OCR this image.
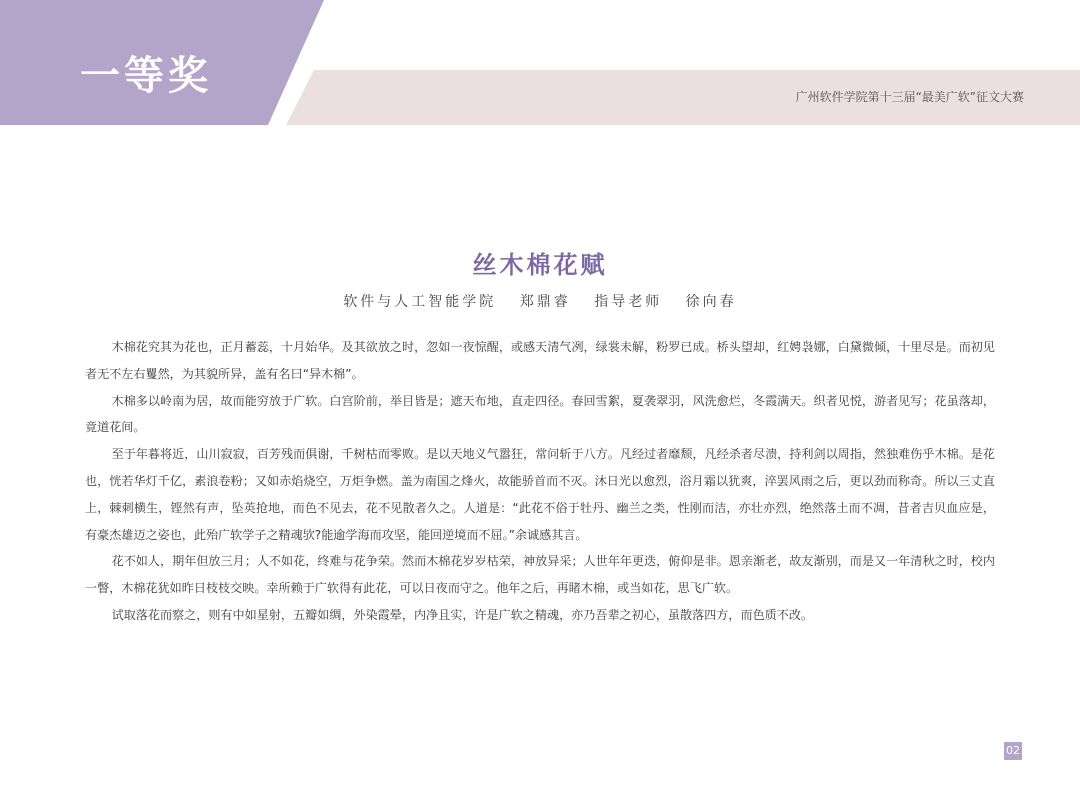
一等奖	广州软件学院第十三届“最美广软”征文大赛
丝木棉花赋
软件与人工智能学院 郑鼎睿 指导老师 徐向春

木棉花究其为花也，正月蓄蕊，十月始华。及其欲放之时，忽如一夜惊醒，或感天清气冽，绿裳未解，粉罗已成。桥头望却，红娉袅娜，白黛微倾，十里尽是。而初见者无不左右矍然，为其貌所异，盖有名曰“异木棉”。

木棉多以岭南为居，故而能穷放于广软。白宫阶前，举目皆是；遮天布地，直走四径。春回雪絮，夏袭翠羽，风洗愈烂，冬霞满天。织者见悦，游者见写；花虽落却，竟道花间。

至于年暮将近，山川寂寂，百芳残而俱谢，千树枯而零败。是以天地义气嚣狂，常问斩于八方。凡经过者靡颓，凡经杀者尽溃，持利剑以周指，然独难伤乎木棉。是花也，恍若华灯千亿，素浪卷粉；又如赤焰烧空，万炬争燃。盖为南国之烽火，故能骄首而不灭。沐日光以愈烈，浴月霜以犹爽，淬罢风雨之后，更以劲而称奇。所以三丈直上，棘刺横生，铿然有声，坠英抢地，而色不见去，花不见散者久之。人道是：“此花不俗于牡丹、幽兰之类，性刚而洁，亦壮亦烈，绝然落土而不凋，昔者吉贝血应是，有豪杰雄迈之姿也，此殆广软学子之精魂欤?能逾学海而攻坚，能回逆境而不屈。”余诚感其言。

花不如人，期年但放三月；人不如花，终难与花争荣。然而木棉花岁岁枯荣，神放异采；人世年年更迭，俯仰是非。恩亲渐老，故友渐别，而是又一年清秋之时，校内一瞥，木棉花犹如昨日枝枝交映。幸所赖于广软得有此花，可以日夜而守之。他年之后，再睹木棉，或当如花，思飞广软。

试取落花而察之，则有中如星射，五瓣如绸，外染霞晕，内净且实，许是广软之精魂，亦乃吾辈之初心，虽散落四方，而色质不改。

02
